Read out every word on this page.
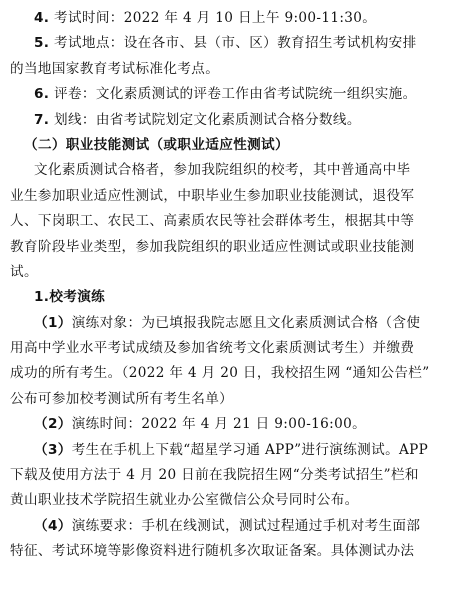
4. 考试时间：2022 年 4 月 10 日上午 9:00-11:30。
5. 考试地点：设在各市、县（市、区）教育招生考试机构安排
的当地国家教育考试标准化考点。
6. 评卷：文化素质测试的评卷工作由省考试院统一组织实施。
7. 划线：由省考试院划定文化素质测试合格分数线。
（二）职业技能测试（或职业适应性测试）
文化素质测试合格者，参加我院组织的校考，其中普通高中毕
业生参加职业适应性测试，中职毕业生参加职业技能测试，退役军
人、下岗职工、农民工、高素质农民等社会群体考生，根据其中等
教育阶段毕业类型，参加我院组织的职业适应性测试或职业技能测
试。
1.校考演练
（1）演练对象：为已填报我院志愿且文化素质测试合格（含使
用高中学业水平考试成绩及参加省统考文化素质测试考生）并缴费
成功的所有考生。（2022 年 4 月 20 日，我校招生网 “通知公告栏”
公布可参加校考测试所有考生名单）
（2）演练时间：2022 年 4 月 21 日 9:00-16:00。
（3）考生在手机上下载“超星学习通 APP”进行演练测试。APP
下载及使用方法于 4 月 20 日前在我院招生网“分类考试招生”栏和
黄山职业技术学院招生就业办公室微信公众号同时公布。
（4）演练要求：手机在线测试，测试过程通过手机对考生面部
特征、考试环境等影像资料进行随机多次取证备案。具体测试办法
